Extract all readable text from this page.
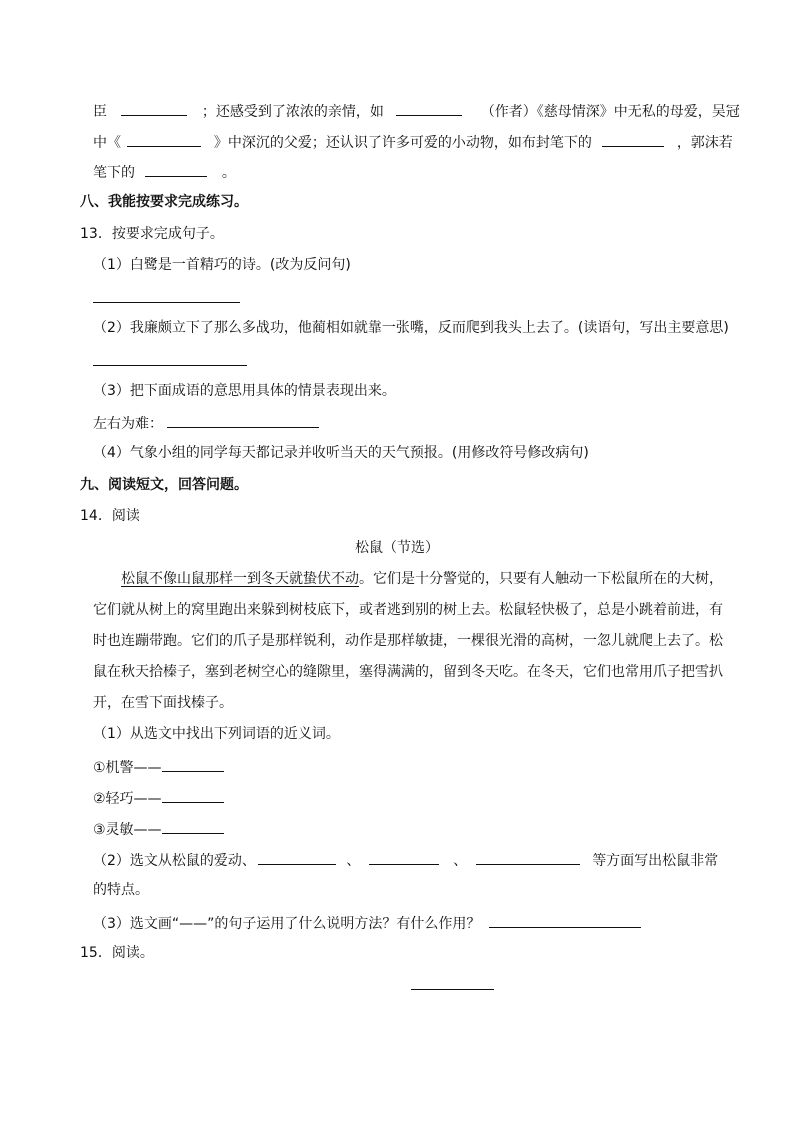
臣	；还感受到了浓浓的亲情，如	（作者）《慈母情深》中无私的母爱，吴冠
中《	》中深沉的父爱；还认识了许多可爱的小动物，如布封笔下的	，郭沫若
笔下的	。
八、我能按要求完成练习。
13．按要求完成句子。
（1）白鹭是一首精巧的诗。(改为反问句)
（2）我廉颇立下了那么多战功，他蔺相如就靠一张嘴，反而爬到我头上去了。(读语句，写出主要意思)
（3）把下面成语的意思用具体的情景表现出来。
左右为难：
（4）气象小组的同学每天都记录并收听当天的天气预报。(用修改符号修改病句)
九、阅读短文，回答问题。
14．阅读
松鼠（节选）
松鼠不像山鼠那样一到冬天就蛰伏不动。它们是十分警觉的，只要有人触动一下松鼠所在的大树，
它们就从树上的窝里跑出来躲到树枝底下，或者逃到别的树上去。松鼠轻快极了，总是小跳着前进，有
时也连蹦带跑。它们的爪子是那样锐利，动作是那样敏捷，一棵很光滑的高树，一忽儿就爬上去了。松
鼠在秋天拾榛子，塞到老树空心的缝隙里，塞得满满的，留到冬天吃。在冬天，它们也常用爪子把雪扒
开，在雪下面找榛子。
（1）从选文中找出下列词语的近义词。
①机警——
②轻巧——
③灵敏——
（2）选文从松鼠的爱动、	、	、	等方面写出松鼠非常
的特点。
（3）选文画“——”的句子运用了什么说明方法？有什么作用？
15．阅读。
